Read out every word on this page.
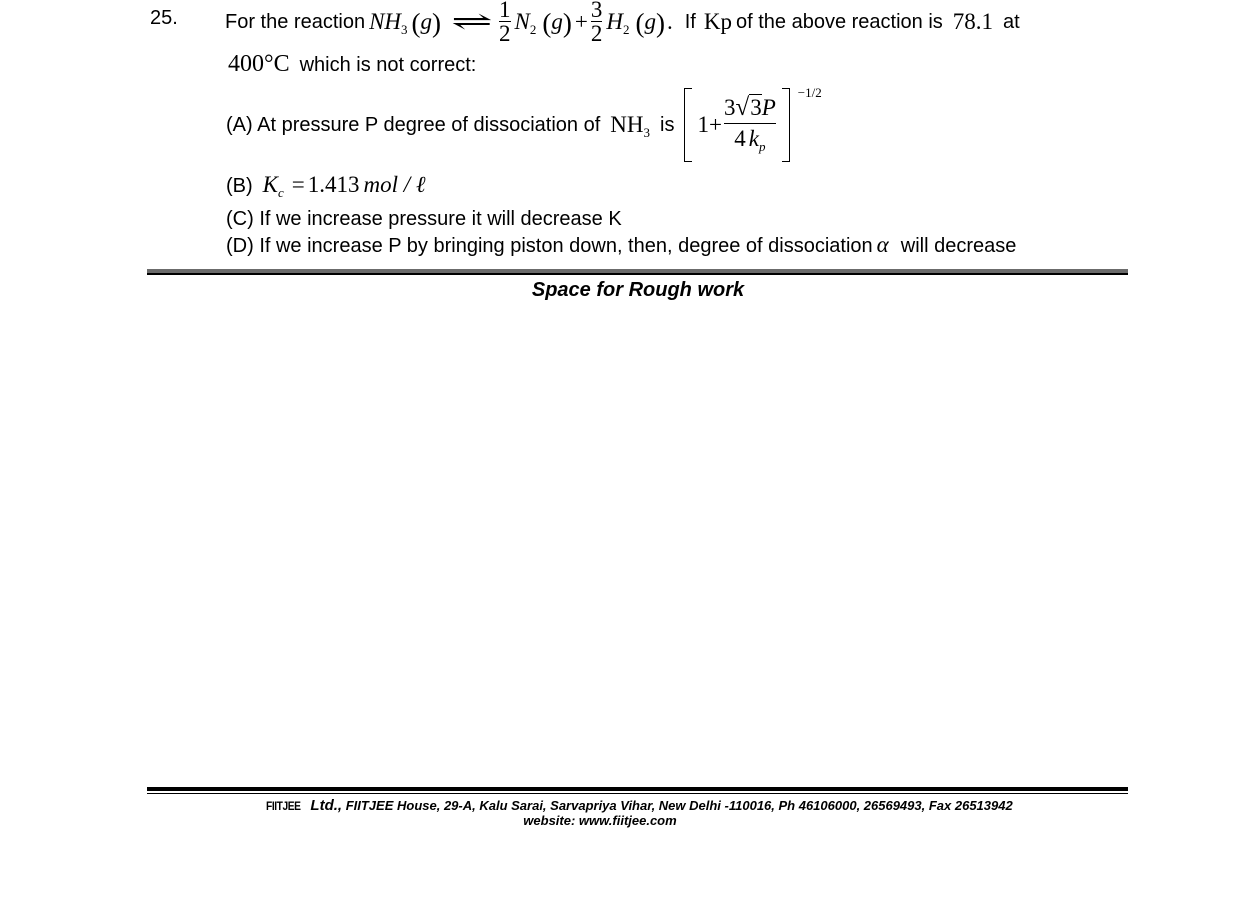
25. For the reaction $NH_3$ ( g ) ⇌ $\frac{1}{2} N_2$ ( g ) + $\frac{3}{2} H_2$ ( g ) . If Kp of the above reaction is 78.1 at
400°C which is not correct:
(A) At pressure P degree of dissociation of $NH_3$ is $1+ \frac{3√3P}{4 k_p}$
−1/2
(B) $K_c = 1.413$ mol / ℓ
(C) If we increase pressure it will decrease K
(D) If we increase P by bringing piston down, then, degree of dissociation α will decrease
Space for Rough work
FIITJEE Ltd., FIITJEE House, 29-A, Kalu Sarai, Sarvapriya Vihar, New Delhi -110016, Ph 46106000, 26569493, Fax 26513942
website: www.fiitjee.com
